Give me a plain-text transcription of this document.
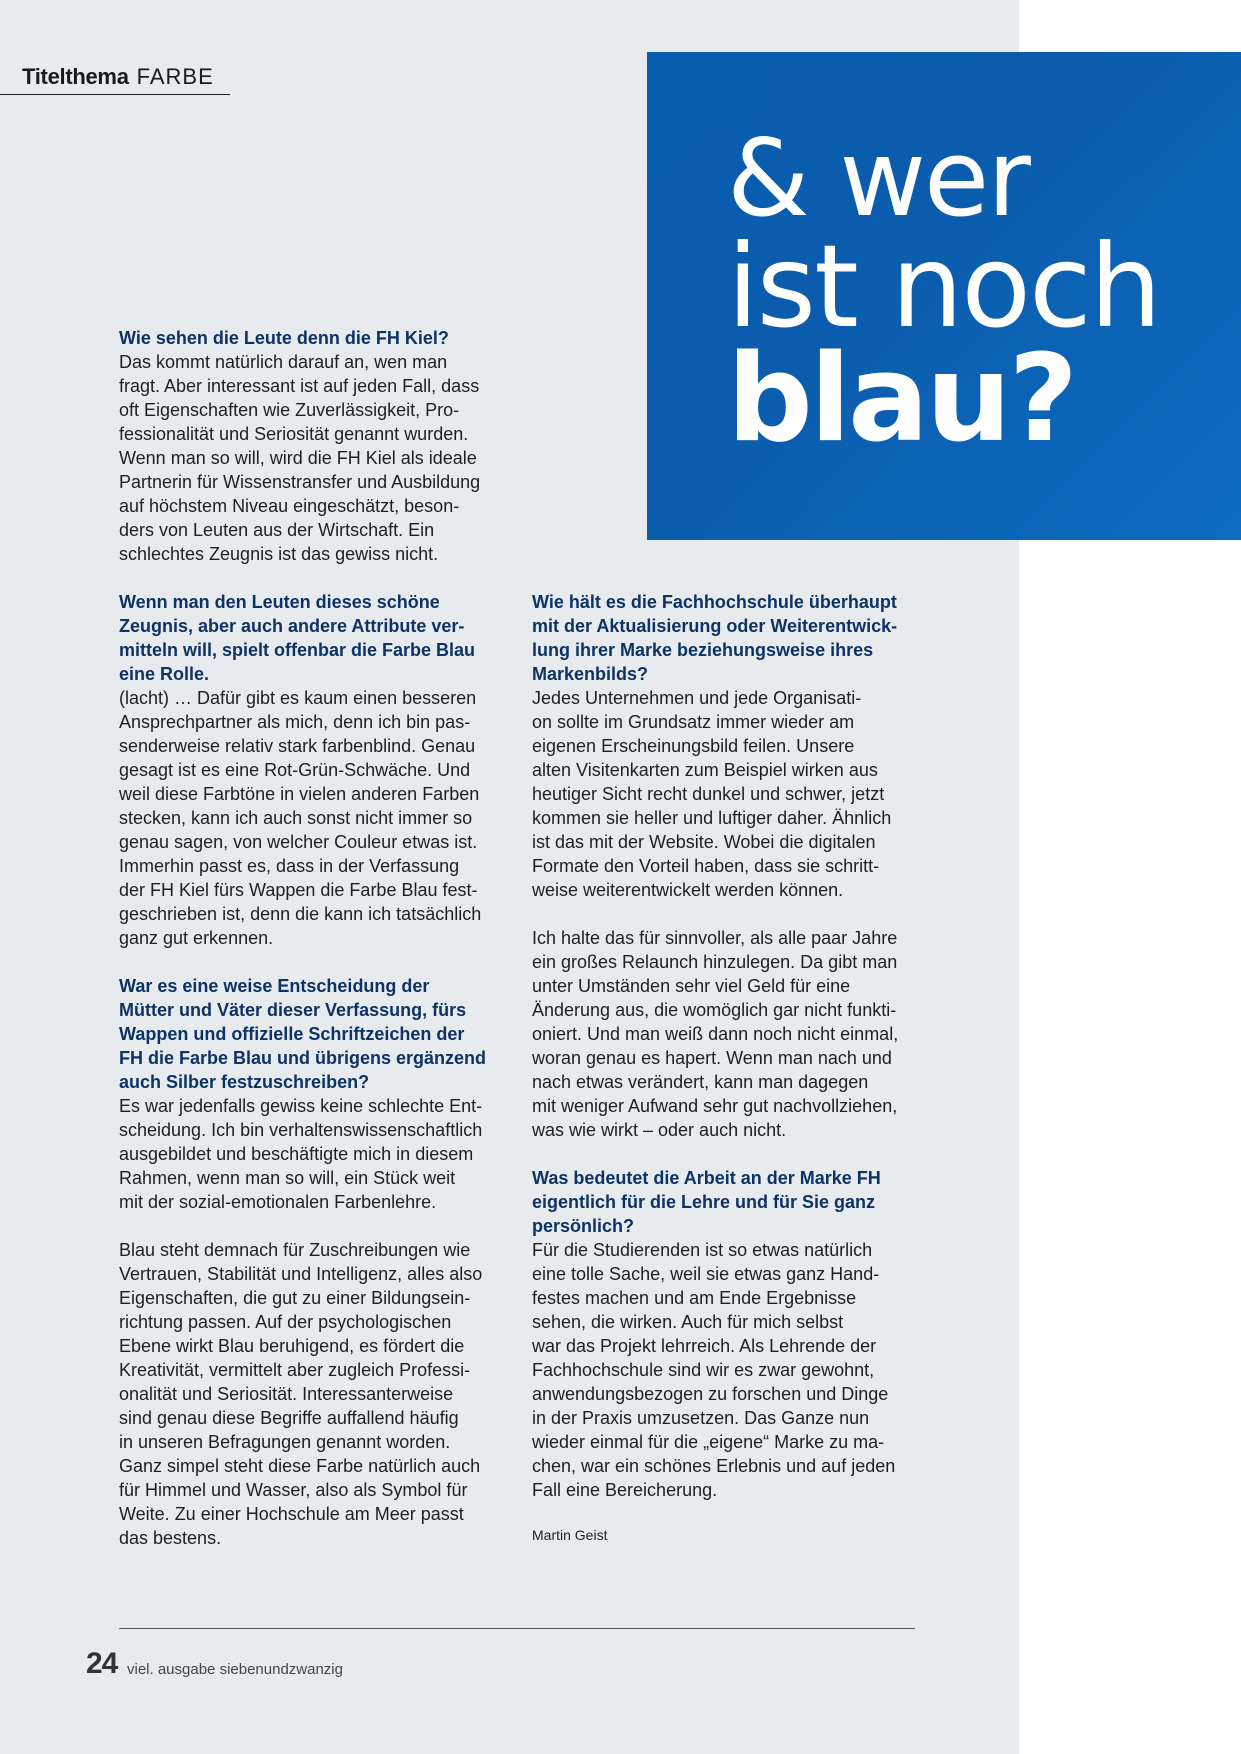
Titelthema FARBE
& wer
ist noch
blau?
Wie sehen die Leute denn die FH Kiel?
Das kommt natürlich darauf an, wen man
fragt. Aber interessant ist auf jeden Fall, dass
oft Eigenschaften wie Zuverlässigkeit, Pro-
fessionalität und Seriosität genannt wurden.
Wenn man so will, wird die FH Kiel als ideale
Partnerin für Wissenstransfer und Ausbildung
auf höchstem Niveau eingeschätzt, beson-
ders von Leuten aus der Wirtschaft. Ein
schlechtes Zeugnis ist das gewiss nicht.
Wenn man den Leuten dieses schöne
Zeugnis, aber auch andere Attribute ver-
mitteln will, spielt offenbar die Farbe Blau
eine Rolle.
(lacht) … Dafür gibt es kaum einen besseren
Ansprechpartner als mich, denn ich bin pas-
senderweise relativ stark farbenblind. Genau
gesagt ist es eine Rot-Grün-Schwäche. Und
weil diese Farbtöne in vielen anderen Farben
stecken, kann ich auch sonst nicht immer so
genau sagen, von welcher Couleur etwas ist.
Immerhin passt es, dass in der Verfassung
der FH Kiel fürs Wappen die Farbe Blau fest-
geschrieben ist, denn die kann ich tatsächlich
ganz gut erkennen.
War es eine weise Entscheidung der
Mütter und Väter dieser Verfassung, fürs
Wappen und offizielle Schriftzeichen der
FH die Farbe Blau und übrigens ergänzend
auch Silber festzuschreiben?
Es war jedenfalls gewiss keine schlechte Ent-
scheidung. Ich bin verhaltenswissenschaftlich
ausgebildet und beschäftigte mich in diesem
Rahmen, wenn man so will, ein Stück weit
mit der sozial-emotionalen Farbenlehre.
Blau steht demnach für Zuschreibungen wie
Vertrauen, Stabilität und Intelligenz, alles also
Eigenschaften, die gut zu einer Bildungsein-
richtung passen. Auf der psychologischen
Ebene wirkt Blau beruhigend, es fördert die
Kreativität, vermittelt aber zugleich Professi-
onalität und Seriosität. Interessanterweise
sind genau diese Begriffe auffallend häufig
in unseren Befragungen genannt worden.
Ganz simpel steht diese Farbe natürlich auch
für Himmel und Wasser, also als Symbol für
Weite. Zu einer Hochschule am Meer passt
das bestens.
Wie hält es die Fachhochschule überhaupt
mit der Aktualisierung oder Weiterentwick-
lung ihrer Marke beziehungsweise ihres
Markenbilds?
Jedes Unternehmen und jede Organisati-
on sollte im Grundsatz immer wieder am
eigenen Erscheinungsbild feilen. Unsere
alten Visitenkarten zum Beispiel wirken aus
heutiger Sicht recht dunkel und schwer, jetzt
kommen sie heller und luftiger daher. Ähnlich
ist das mit der Website. Wobei die digitalen
Formate den Vorteil haben, dass sie schritt-
weise weiterentwickelt werden können.
Ich halte das für sinnvoller, als alle paar Jahre
ein großes Relaunch hinzulegen. Da gibt man
unter Umständen sehr viel Geld für eine
Änderung aus, die womöglich gar nicht funkti-
oniert. Und man weiß dann noch nicht einmal,
woran genau es hapert. Wenn man nach und
nach etwas verändert, kann man dagegen
mit weniger Aufwand sehr gut nachvollziehen,
was wie wirkt – oder auch nicht.
Was bedeutet die Arbeit an der Marke FH
eigentlich für die Lehre und für Sie ganz
persönlich?
Für die Studierenden ist so etwas natürlich
eine tolle Sache, weil sie etwas ganz Hand-
festes machen und am Ende Ergebnisse
sehen, die wirken. Auch für mich selbst
war das Projekt lehrreich. Als Lehrende der
Fachhochschule sind wir es zwar gewohnt,
anwendungsbezogen zu forschen und Dinge
in der Praxis umzusetzen. Das Ganze nun
wieder einmal für die „eigene“ Marke zu ma-
chen, war ein schönes Erlebnis und auf jeden
Fall eine Bereicherung.
Martin Geist
24 viel. ausgabe siebenundzwanzig
